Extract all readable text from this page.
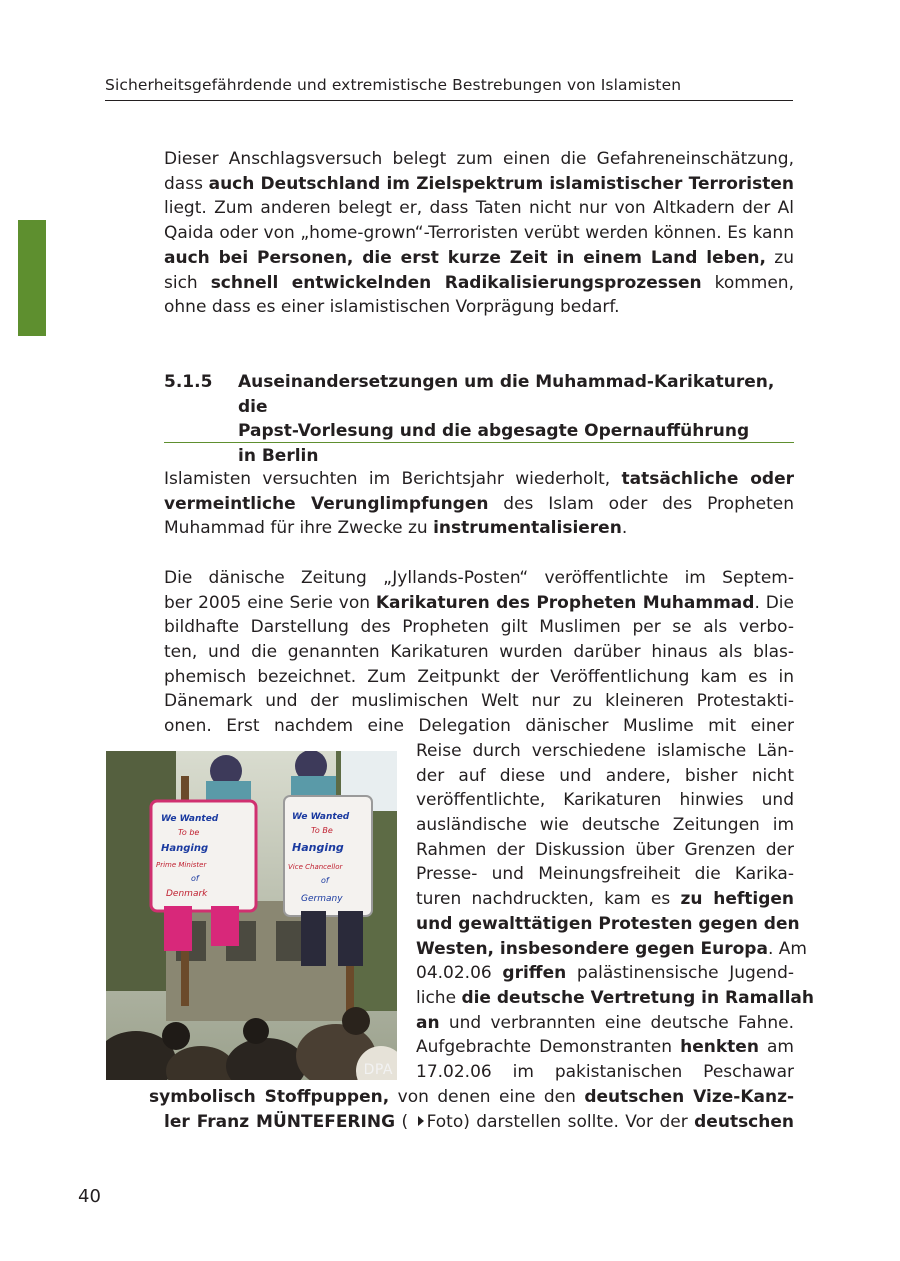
Sicherheitsgefährdende und extremistische Bestrebungen von Islamisten

Dieser Anschlagsversuch belegt zum einen die Gefahreneinschätzung, dass auch Deutschland im Zielspektrum islamistischer Terroristen liegt. Zum anderen belegt er, dass Taten nicht nur von Altkadern der Al Qaida oder von „home-grown“-Terroristen verübt werden können. Es kann auch bei Personen, die erst kurze Zeit in einem Land leben, zu sich schnell entwickelnden Radikalisierungsprozessen kommen, ohne dass es einer islamistischen Vorprägung bedarf.

5.1.5 Auseinandersetzungen um die Muhammad-Karikaturen, die
Papst-Vorlesung und die abgesagte Opernaufführung
in Berlin

Islamisten versuchten im Berichtsjahr wiederholt, tatsächliche oder vermeintliche Verunglimpfungen des Islam oder des Propheten Muhammad für ihre Zwecke zu instrumentalisieren.

Die dänische Zeitung „Jyllands-Posten“ veröffentlichte im Septem-
ber 2005 eine Serie von Karikaturen des Propheten Muhammad. Die
bildhafte Darstellung des Propheten gilt Muslimen per se als verbo-
ten, und die genannten Karikaturen wurden darüber hinaus als blas-
phemisch bezeichnet. Zum Zeitpunkt der Veröffentlichung kam es in
Dänemark und der muslimischen Welt nur zu kleineren Protestakti-
onen. Erst nachdem eine Delegation dänischer Muslime mit einer
Reise durch verschiedene islamische Län-
der auf diese und andere, bisher nicht
veröffentlichte, Karikaturen hinwies und
ausländische wie deutsche Zeitungen im
Rahmen der Diskussion über Grenzen der
Presse- und Meinungsfreiheit die Karika-
turen nachdruckten, kam es zu heftigen
und gewalttätigen Protesten gegen den
Westen, insbesondere gegen Europa. Am
04.02.06 griffen palästinensische Jugend-
liche die deutsche Vertretung in Ramallah
an und verbrannten eine deutsche Fahne.
Aufgebrachte Demonstranten henkten am
17.02.06 im pakistanischen Peschawar
symbolisch Stoffpuppen, von denen eine den deutschen Vize-Kanz-
ler Franz MÜNTEFERING ( Foto) darstellen sollte. Vor der deutschen
We Wanted
To be
Hanging
Prime Minister
of
Denmark
We Wanted
To Be
Hanging
Vice Chancellor
of
Germany
DPA
40
